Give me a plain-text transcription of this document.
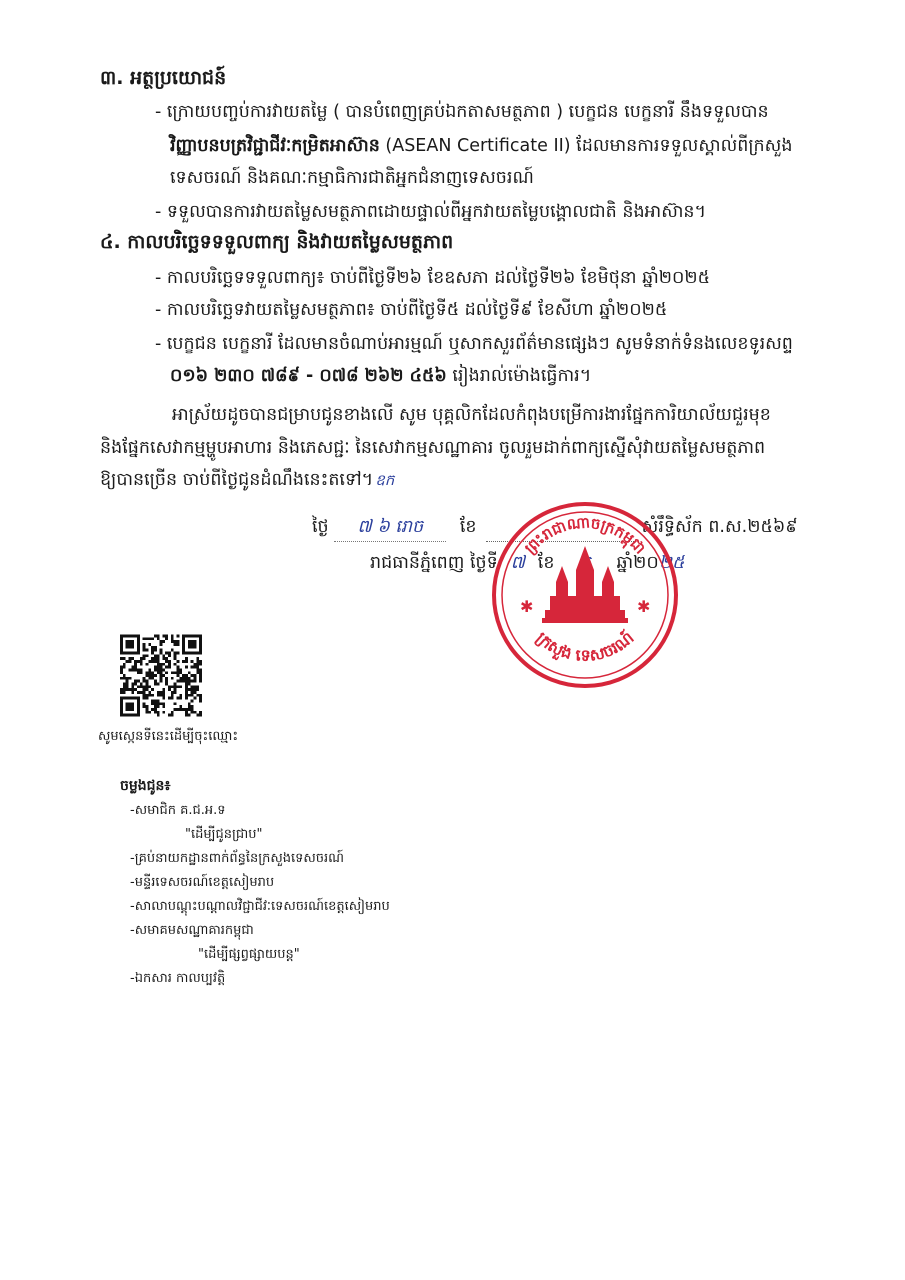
៣. អត្ថប្រយោជន៍
- ក្រោយបញ្ចប់ការវាយតម្លៃ ( បានបំពេញគ្រប់ឯកតាសមត្ថភាព ) បេក្ខជន បេក្ខនារី នឹងទទួលបាន
វិញ្ញាបនបត្រវិជ្ជាជីវៈកម្រិតអាស៊ាន (ASEAN Certificate II) ដែលមានការទទួលស្គាល់ពីក្រសួង
ទេសចរណ៍ និងគណៈកម្មាធិការជាតិអ្នកជំនាញទេសចរណ៍
- ទទួលបានការវាយតម្លៃសមត្ថភាពដោយផ្ទាល់ពីអ្នកវាយតម្លៃបង្គោលជាតិ និងអាស៊ាន។
៤. កាលបរិច្ឆេទទទួលពាក្យ និងវាយតម្លៃសមត្ថភាព
- កាលបរិច្ឆេទទទួលពាក្យ៖ ចាប់ពីថ្ងៃទី២៦ ខែឧសភា ដល់ថ្ងៃទី២៦ ខែមិថុនា ឆ្នាំ២០២៥
- កាលបរិច្ឆេទវាយតម្លៃសមត្ថភាព៖ ចាប់ពីថ្ងៃទី៥ ដល់ថ្ងៃទី៩ ខែសីហា ឆ្នាំ២០២៥
- បេក្ខជន បេក្ខនារី ដែលមានចំណាប់អារម្មណ៍ ឬសាកសួរព័ត៌មានផ្សេងៗ សូមទំនាក់ទំនងលេខទូរសព្ទ
០១៦ ២៣០ ៧៨៩ - ០៧៨ ២៦២ ៤៥៦ រៀងរាល់ម៉ោងធ្វើការ។
អាស្រ័យដូចបានជម្រាបជូនខាងលើ សូម បុគ្គលិកដែលកំពុងបម្រើការងារផ្នែកការិយាល័យជួរមុខ
និងផ្នែកសេវាកម្មម្ហូបអាហារ និងភេសជ្ជៈ នៃសេវាកម្មសណ្ឋាគារ ចូលរួមដាក់ពាក្យស្នើសុំវាយតម្លៃសមត្ថភាព
ឱ្យបានច្រើន ចាប់ពីថ្ងៃជូនដំណឹងនេះតទៅ។ ឧក
ថ្ងៃ ៧ ៦ រោច ខែ	សំរឹទ្ធិស័ក ព.ស.២៥៦៩
រាជធានីភ្នំពេញ ថ្ងៃទី ៧ ខែ	ឆ្នាំ២០២៥
ព្រះរាជាណាចក្រកម្ពុជា
ក្រសួង ទេសចរណ៍
✱	✱
សូមស្កេនទីនេះដើម្បីចុះឈ្មោះ
ចម្លងជូន៖
-សមាជិក គ.ជ.អ.ទ
"ដើម្បីជូនជ្រាប"
-គ្រប់នាយកដ្ឋានពាក់ព័ន្ធនៃក្រសួងទេសចរណ៍
-មន្ទីរទេសចរណ៍ខេត្តសៀមរាប
-សាលាបណ្ដុះបណ្ដាលវិជ្ជាជីវៈទេសចរណ៍ខេត្តសៀមរាប
-សមាគមសណ្ឋាគារកម្ពុជា
"ដើម្បីផ្សព្វផ្សាយបន្ត"
-ឯកសារ កាលប្បវត្តិ
